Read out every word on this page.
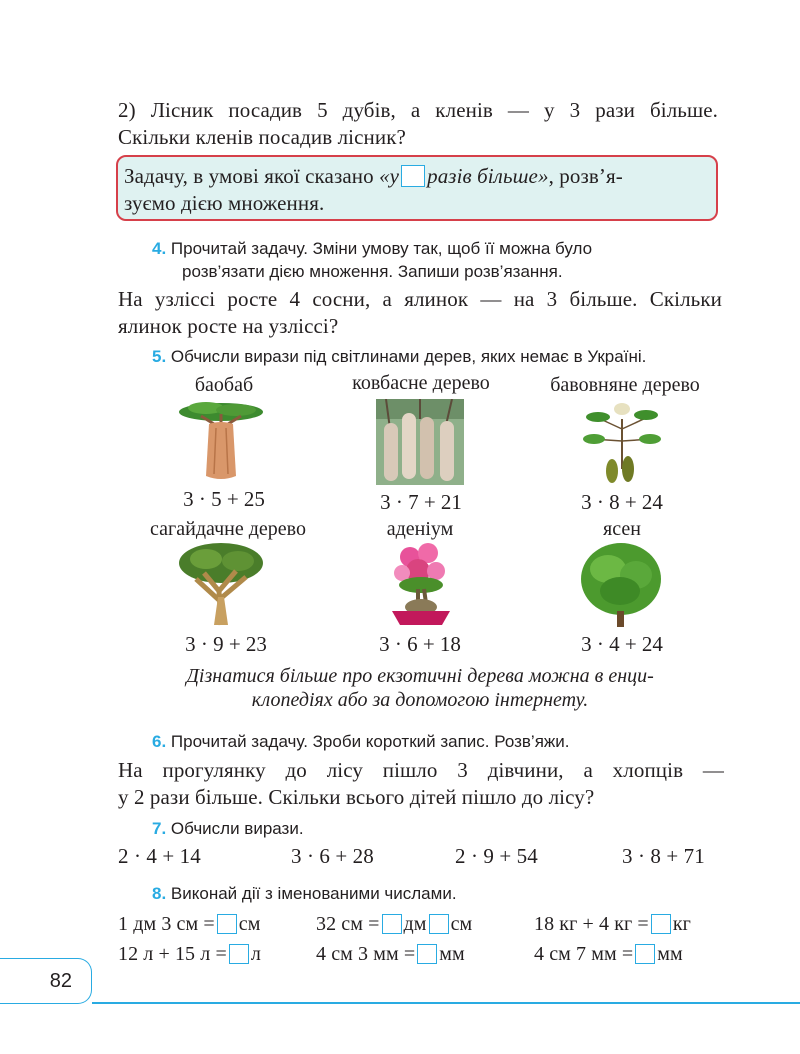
2) Лісник посадив 5 дубів, а кленів — у 3 рази більше.
Скільки кленів посадив лісник?
Задачу, в умові якої сказано «у разів більше», розв’я-
зуємо дією множення.
4. Прочитай задачу. Зміни умову так, щоб її можна було
розв’язати дією множення. Запиши розв’язання.
На узліссі росте 4 сосни, а ялинок — на 3 більше. Скільки
ялинок росте на узліссі?
5. Обчисли вирази під світлинами дерев, яких немає в Україні.
баобаб	ковбасне дерево	бавовняне дерево
3 · 5 + 25	3 · 7 + 21	3 · 8 + 24
сагайдачне дерево	аденіум	ясен
3 · 9 + 23	3 · 6 + 18	3 · 4 + 24
Дізнатися більше про екзотичні дерева можна в енци-
клопедіях або за допомогою інтернету.
6. Прочитай задачу. Зроби короткий запис. Розв’яжи.
На прогулянку до лісу пішло 3 дівчини, а хлопців —
у 2 рази більше. Скільки всього дітей пішло до лісу?
7. Обчисли вирази.
2 · 4 + 14	3 · 6 + 28	2 · 9 + 54	3 · 8 + 71
8. Виконай дії з іменованими числами.
1 дм 3 см = см	32 см = дм см	18 кг + 4 кг = кг
12 л + 15 л = л	4 см 3 мм = мм	4 см 7 мм = мм
82
